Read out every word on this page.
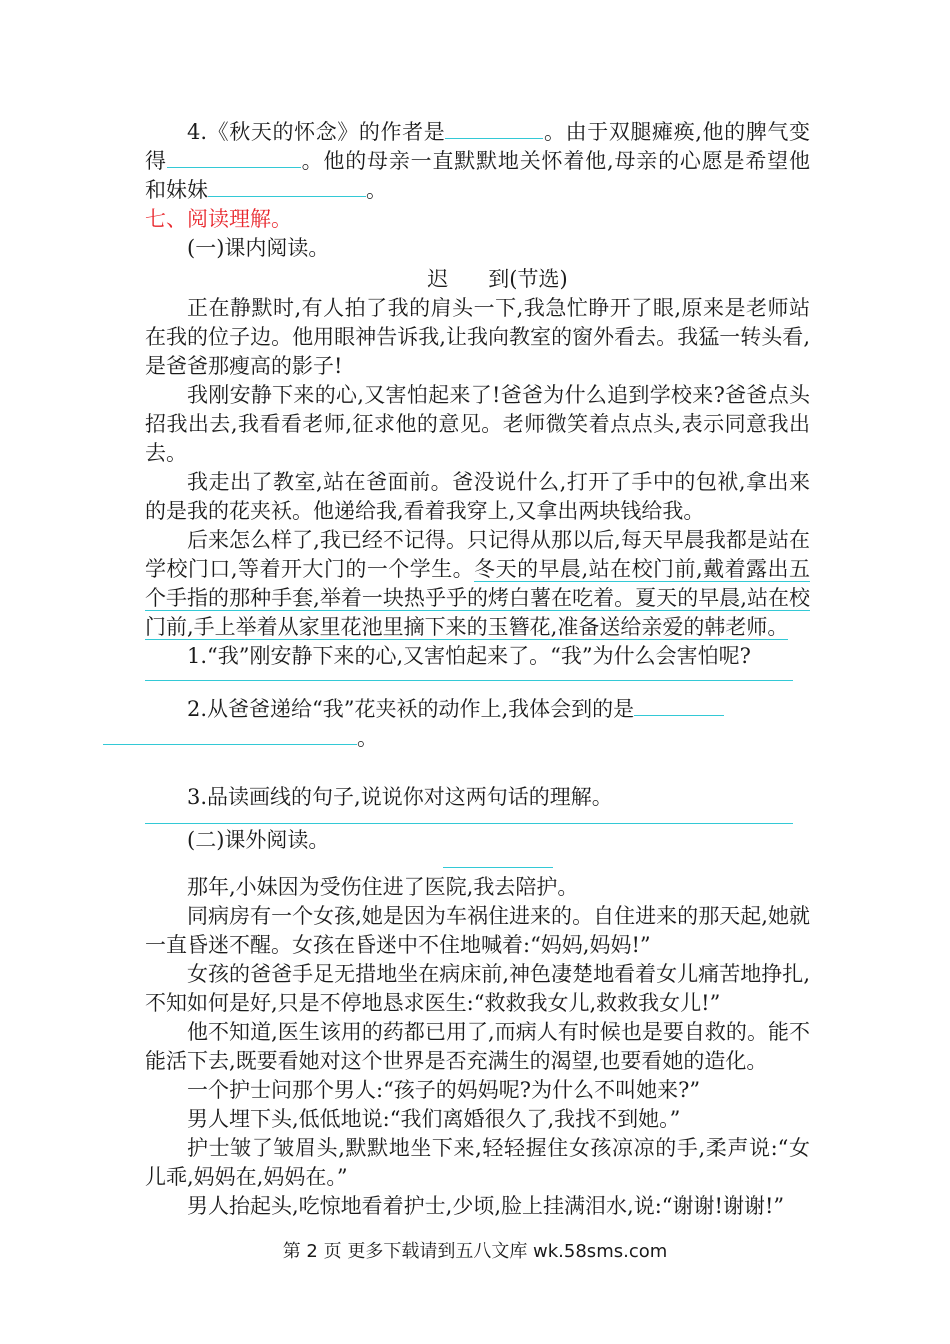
4.《秋天的怀念》的作者是	。由于双腿瘫痪,他的脾气变得	。他的母亲一直默默地关怀着他,母亲的心愿是希望他和妹妹	。

七、阅读理解。

(一)课内阅读。

迟 到(节选)

正在静默时,有人拍了我的肩头一下,我急忙睁开了眼,原来是老师站在我的位子边。他用眼神告诉我,让我向教室的窗外看去。我猛一转头看,是爸爸那瘦高的影子!

我刚安静下来的心,又害怕起来了!爸爸为什么追到学校来?爸爸点头招我出去,我看看老师,征求他的意见。老师微笑着点点头,表示同意我出去。

我走出了教室,站在爸面前。爸没说什么,打开了手中的包袱,拿出来的是我的花夹袄。他递给我,看着我穿上,又拿出两块钱给我。

后来怎么样了,我已经不记得。只记得从那以后,每天早晨我都是站在学校门口,等着开大门的一个学生。冬天的早晨,站在校门前,戴着露出五个手指的那种手套,举着一块热乎乎的烤白薯在吃着。夏天的早晨,站在校门前,手上举着从家里花池里摘下来的玉簪花,准备送给亲爱的韩老师。

1.“我”刚安静下来的心,又害怕起来了。“我”为什么会害怕呢?

2.从爸爸递给“我”花夹袄的动作上,我体会到的是
。

3.品读画线的句子,说说你对这两句话的理解。

(二)课外阅读。

那年,小妹因为受伤住进了医院,我去陪护。

同病房有一个女孩,她是因为车祸住进来的。自住进来的那天起,她就一直昏迷不醒。女孩在昏迷中不住地喊着:“妈妈,妈妈!”

女孩的爸爸手足无措地坐在病床前,神色凄楚地看着女儿痛苦地挣扎,不知如何是好,只是不停地恳求医生:“救救我女儿,救救我女儿!”

他不知道,医生该用的药都已用了,而病人有时候也是要自救的。能不能活下去,既要看她对这个世界是否充满生的渴望,也要看她的造化。

一个护士问那个男人:“孩子的妈妈呢?为什么不叫她来?”

男人埋下头,低低地说:“我们离婚很久了,我找不到她。”

护士皱了皱眉头,默默地坐下来,轻轻握住女孩凉凉的手,柔声说:“女儿乖,妈妈在,妈妈在。”

男人抬起头,吃惊地看着护士,少顷,脸上挂满泪水,说:“谢谢!谢谢!”

第 2 页 更多下载请到五八文库 wk.58sms.com
